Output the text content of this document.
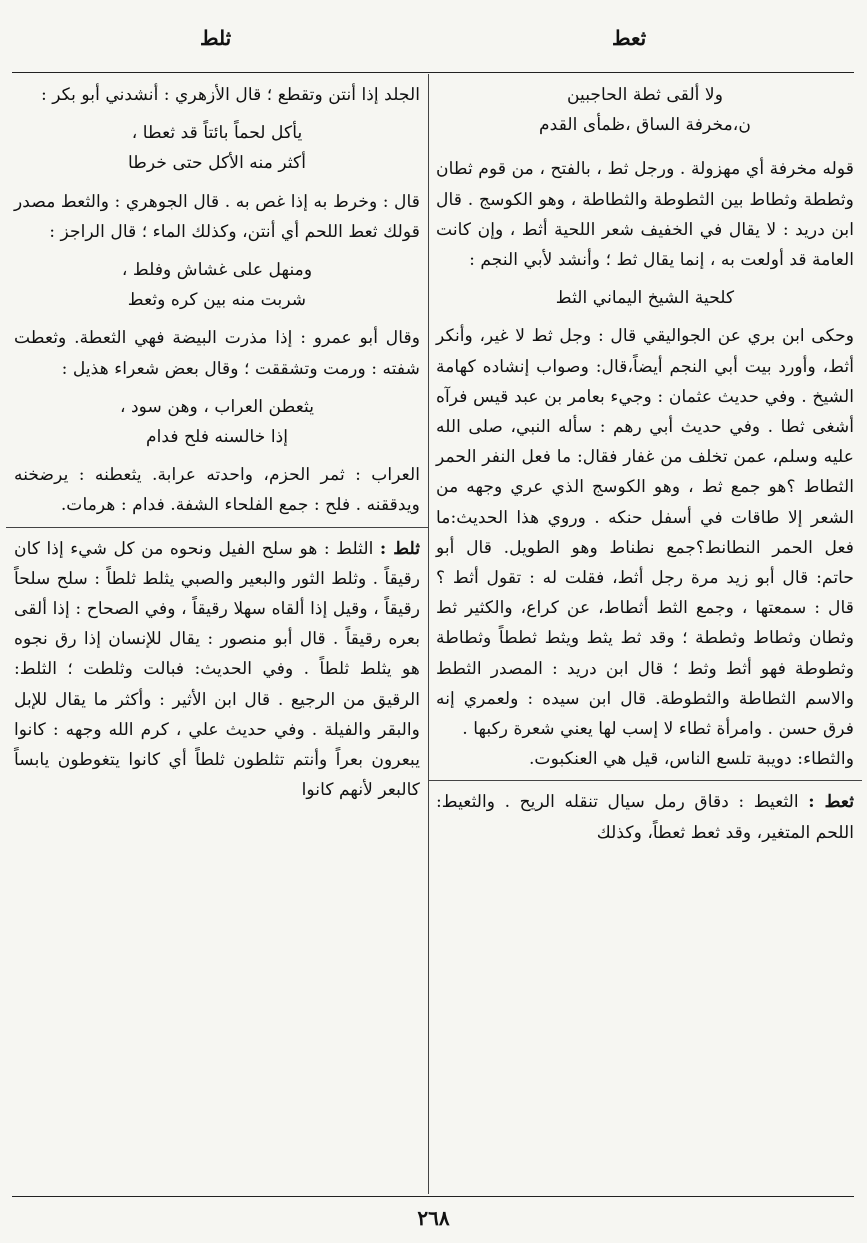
ثلط	ثعط

ولا ألقى ثطة الحاجبين

ن،مخرفة الساق ،ظمأى القدم

قوله مخرفة أي مهزولة . ورجل ثط ، بالفتح ، من قوم ثطان وثططة وثطاط بين الثطوطة والثطاطة ، وهو الكوسج . قال ابن دريد : لا يقال في الخفيف شعر اللحية أثط ، وإن كانت العامة قد أولعت به ، إنما يقال ثط ؛ وأنشد لأبي النجم :

كلحية الشيخ اليماني الثط

وحكى ابن بري عن الجواليقي قال : وجل ثط لا غير، وأنكر أثط، وأورد بيت أبي النجم أيضاً،قال: وصواب إنشاده كهامة الشيخ . وفي حديث عثمان : وجيء بعامر بن عبد قيس فرآه أشغى ثطا . وفي حديث أبي رهم : سأله النبي، صلى الله عليه وسلم، عمن تخلف من غفار فقال: ما فعل النفر الحمر الثطاط ؟هو جمع ثط ، وهو الكوسج الذي عري وجهه من الشعر إلا طاقات في أسفل حنكه . وروي هذا الحديث:ما فعل الحمر النطانط؟جمع نطناط وهو الطويل. قال أبو حاتم: قال أبو زيد مرة رجل أثط، فقلت له : تقول أثط ؟ قال : سمعتها ، وجمع الثط أثطاط، عن كراع، والكثير ثط وثطان وثطاط وثططة ؛ وقد ثط يثط ويثط ثططاً وثطاطة وثطوطة فهو أثط وثط ؛ قال ابن دريد : المصدر الثطط والاسم الثطاطة والثطوطة. قال ابن سيده : ولعمري إنه فرق حسن . وامرأة ثطاء لا إسب لها يعني شعرة ركبها .

والثطاء: دويبة تلسع الناس، قيل هي العنكبوت.

ثعط : الثعيط : دقاق رمل سيال تنقله الريح . والثعيط: اللحم المتغير، وقد ثعط ثعطاً، وكذلك

الجلد إذا أنتن وتقطع ؛ قال الأزهري : أنشدني أبو بكر :

يأكل لحماً بائتاً قد ثعطا ،

أكثر منه الأكل حتى خرطا

قال : وخرط به إذا غص به . قال الجوهري : والثعط مصدر قولك ثعط اللحم أي أنتن، وكذلك الماء ؛ قال الراجز :

ومنهل على غشاش وفلط ،

شربت منه بين كره وثعط

وقال أبو عمرو : إذا مذرت البيضة فهي الثعطة. وثعطت شفته : ورمت وتشققت ؛ وقال بعض شعراء هذيل :

يثعطن العراب ، وهن سود ،

إذا خالسنه فلح فدام

العراب : ثمر الحزم، واحدته عرابة. يثعطنه : يرضخنه ويدققنه . فلح : جمع الفلحاء الشفة. فدام : هرمات.

ثلط : الثلط : هو سلح الفيل ونحوه من كل شيء إذا كان رقيقاً . وثلط الثور والبعير والصبي يثلط ثلطاً : سلح سلحاً رقيقاً ، وقيل إذا ألقاه سهلا رقيقاً ، وفي الصحاح : إذا ألقى بعره رقيقاً . قال أبو منصور : يقال للإنسان إذا رق نجوه هو يثلط ثلطاً . وفي الحديث: فبالت وثلطت ؛ الثلط: الرقيق من الرجيع . قال ابن الأثير : وأكثر ما يقال للإبل والبقر والفيلة . وفي حديث علي ، كرم الله وجهه : كانوا يبعرون بعراً وأنتم تثلطون ثلطاً أي كانوا يتغوطون يابساً كالبعر لأنهم كانوا

٢٦٨
